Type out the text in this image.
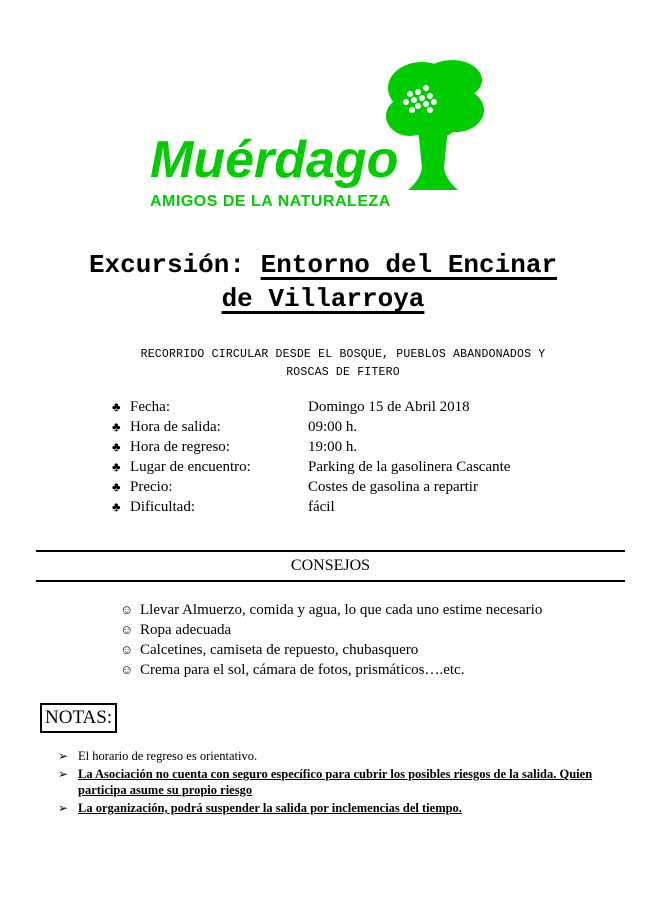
Muérdago
AMIGOS DE LA NATURALEZA
Excursión: Entorno del Encinar
de Villarroya
RECORRIDO CIRCULAR DESDE EL BOSQUE, PUEBLOS ABANDONADOS Y
ROSCAS DE FITERO
♣ Fecha:	Domingo 15 de Abril 2018
♣ Hora de salida:	09:00 h.
♣ Hora de regreso:	19:00 h.
♣ Lugar de encuentro:	Parking de la gasolinera Cascante
♣ Precio:	Costes de gasolina a repartir
♣ Dificultad:	fácil
CONSEJOS
☺ Llevar Almuerzo, comida y agua, lo que cada uno estime necesario
☺ Ropa adecuada
☺ Calcetines, camiseta de repuesto, chubasquero
☺ Crema para el sol, cámara de fotos, prismáticos….etc.
NOTAS:
➢ El horario de regreso es orientativo.
➢ La Asociación no cuenta con seguro específico para cubrir los posibles riesgos de la salida. Quien participa asume su propio riesgo
➢ La organización, podrá suspender la salida por inclemencias del tiempo.
